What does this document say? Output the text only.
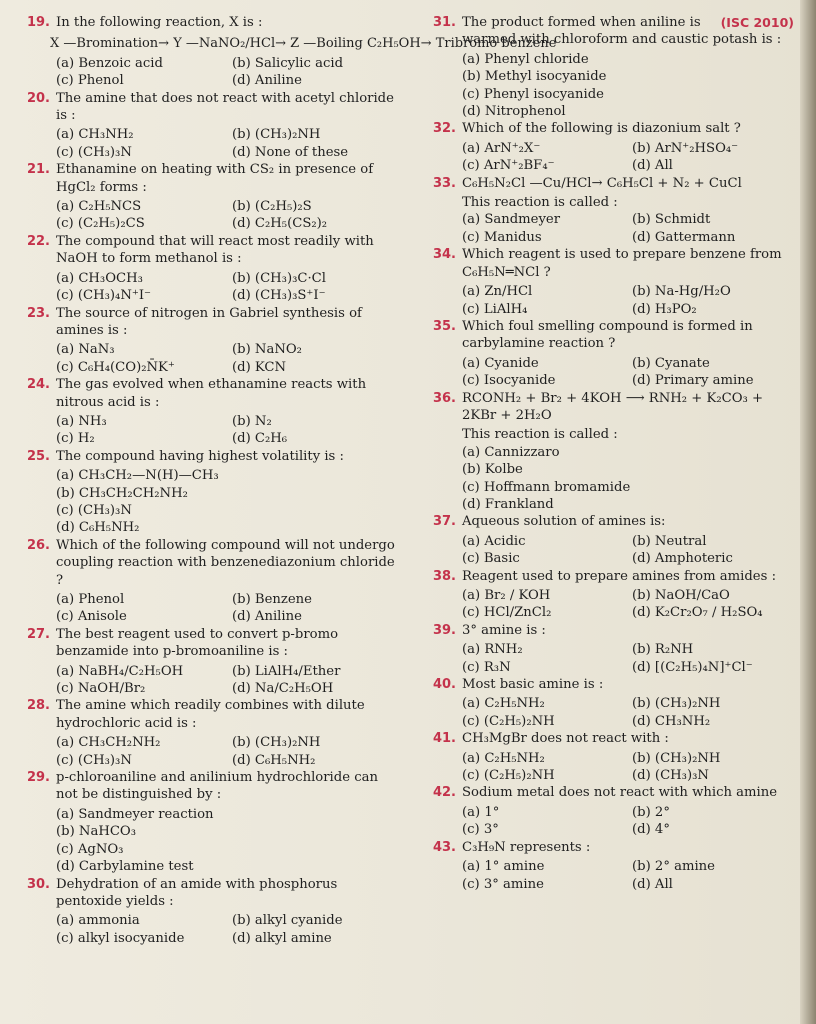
19. In the following reaction, X is :
X —Bromination→ Y —NaNO₂/HCl→ Z —Boiling C₂H₅OH→ Tribromo benzene
(a) Benzoic acid	(b) Salicylic acid
(c) Phenol	(d) Aniline
20. The amine that does not react with acetyl chloride is :
(a) CH₃NH₂	(b) (CH₃)₂NH
(c) (CH₃)₃N	(d) None of these
21. Ethanamine on heating with CS₂ in presence of HgCl₂ forms :
(a) C₂H₅NCS	(b) (C₂H₅)₂S
(c) (C₂H₅)₂CS	(d) C₂H₅(CS₂)₂
22. The compound that will react most readily with NaOH to form methanol is :
(a) CH₃OCH₃	(b) (CH₃)₃C·Cl
(c) (CH₃)₄N⁺I⁻	(d) (CH₃)₃S⁺I⁻
23. The source of nitrogen in Gabriel synthesis of amines is :
(a) NaN₃	(b) NaNO₂
(c) C₆H₄(CO)₂N̄K⁺	(d) KCN
24. The gas evolved when ethanamine reacts with nitrous acid is :
(a) NH₃	(b) N₂
(c) H₂	(d) C₂H₆
25. The compound having highest volatility is :
(a) CH₃CH₂—N(H)—CH₃
(b) CH₃CH₂CH₂NH₂
(c) (CH₃)₃N
(d) C₆H₅NH₂
26. Which of the following compound will not undergo coupling reaction with benzenediazonium chloride ?
(a) Phenol	(b) Benzene
(c) Anisole	(d) Aniline
27. The best reagent used to convert p-bromo benzamide into p-bromoaniline is :
(a) NaBH₄/C₂H₅OH	(b) LiAlH₄/Ether
(c) NaOH/Br₂	(d) Na/C₂H₅OH
28. The amine which readily combines with dilute hydrochloric acid is :
(a) CH₃CH₂NH₂	(b) (CH₃)₂NH
(c) (CH₃)₃N	(d) C₆H₅NH₂
29. p-chloroaniline and anilinium hydrochloride can not be distinguished by :
(a) Sandmeyer reaction
(b) NaHCO₃
(c) AgNO₃
(d) Carbylamine test
30. Dehydration of an amide with phosphorus pentoxide yields :
(a) ammonia	(b) alkyl cyanide
(c) alkyl isocyanide	(d) alkyl amine
31.	(ISC 2010)
The product formed when aniline is warmed with chloroform and caustic potash is :
(a) Phenyl chloride
(b) Methyl isocyanide
(c) Phenyl isocyanide
(d) Nitrophenol
32. Which of the following is diazonium salt ?
(a) ArN⁺₂X⁻	(b) ArN⁺₂HSO₄⁻
(c) ArN⁺₂BF₄⁻	(d) All
33. C₆H₅N₂Cl —Cu/HCl→ C₆H₅Cl + N₂ + CuCl
This reaction is called :
(a) Sandmeyer	(b) Schmidt
(c) Manidus	(d) Gattermann
34. Which reagent is used to prepare benzene from C₆H₅N═NCl ?
(a) Zn/HCl	(b) Na-Hg/H₂O
(c) LiAlH₄	(d) H₃PO₂
35. Which foul smelling compound is formed in carbylamine reaction ?
(a) Cyanide	(b) Cyanate
(c) Isocyanide	(d) Primary amine
36. RCONH₂ + Br₂ + 4KOH ⟶ RNH₂ + K₂CO₃ + 2KBr + 2H₂O
This reaction is called :
(a) Cannizzaro
(b) Kolbe
(c) Hoffmann bromamide
(d) Frankland
37. Aqueous solution of amines is:
(a) Acidic	(b) Neutral
(c) Basic	(d) Amphoteric
38. Reagent used to prepare amines from amides :
(a) Br₂ / KOH	(b) NaOH/CaO
(c) HCl/ZnCl₂	(d) K₂Cr₂O₇ / H₂SO₄
39. 3° amine is :
(a) RNH₂	(b) R₂NH
(c) R₃N	(d) [(C₂H₅)₄N]⁺Cl⁻
40. Most basic amine is :
(a) C₂H₅NH₂	(b) (CH₃)₂NH
(c) (C₂H₅)₂NH	(d) CH₃NH₂
41. CH₃MgBr does not react with :
(a) C₂H₅NH₂	(b) (CH₃)₂NH
(c) (C₂H₅)₂NH	(d) (CH₃)₃N
42. Sodium metal does not react with which amine
(a) 1°	(b) 2°
(c) 3°	(d) 4°
43. C₃H₉N represents :
(a) 1° amine	(b) 2° amine
(c) 3° amine	(d) All
